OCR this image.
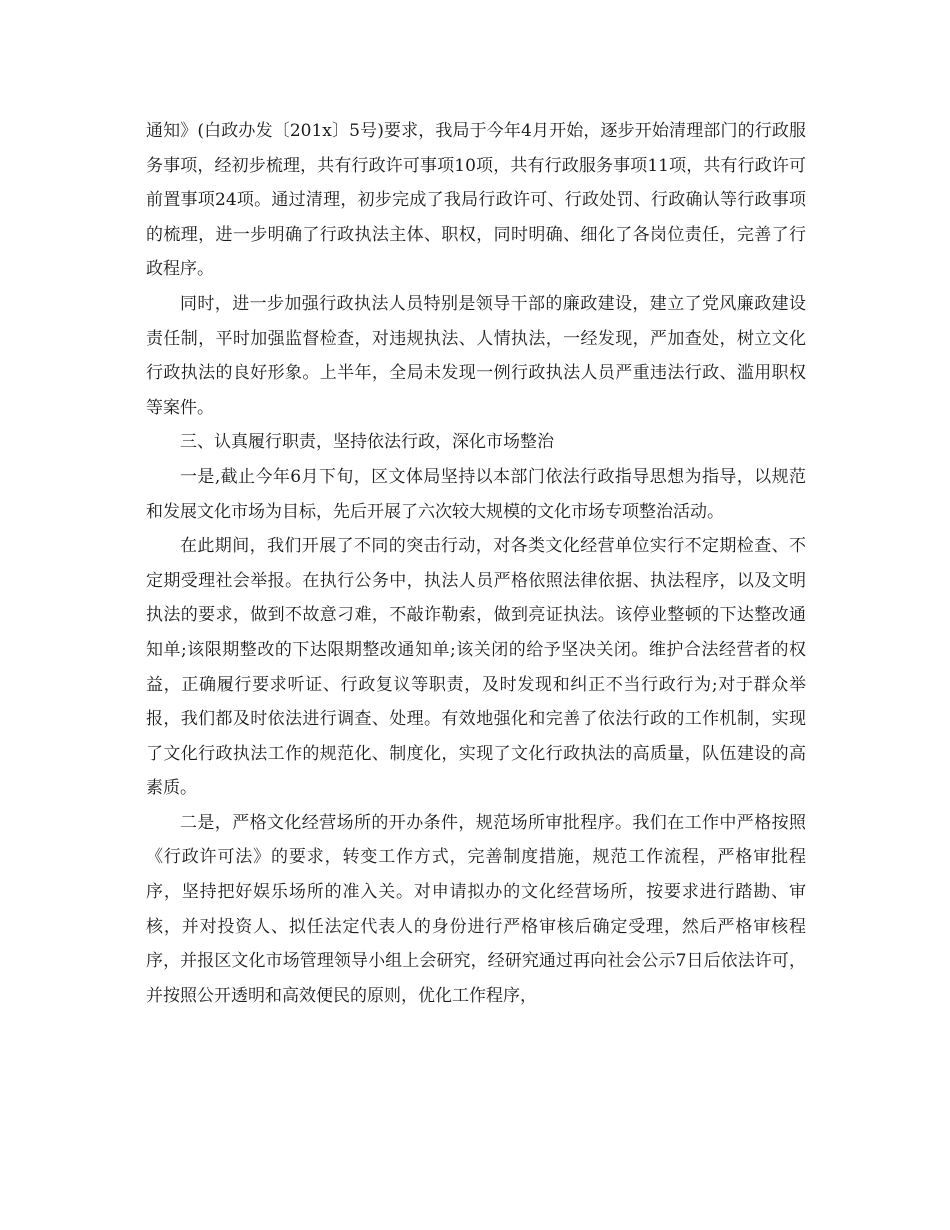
通知》(白政办发〔201x〕5号)要求，我局于今年4月开始，逐步开始清理部门的行政服务事项，经初步梳理，共有行政许可事项10项，共有行政服务事项11项，共有行政许可前置事项24项。通过清理，初步完成了我局行政许可、行政处罚、行政确认等行政事项的梳理，进一步明确了行政执法主体、职权，同时明确、细化了各岗位责任，完善了行政程序。

同时，进一步加强行政执法人员特别是领导干部的廉政建设，建立了党风廉政建设责任制，平时加强监督检查，对违规执法、人情执法，一经发现，严加查处，树立文化行政执法的良好形象。上半年，全局未发现一例行政执法人员严重违法行政、滥用职权等案件。

三、认真履行职责，坚持依法行政，深化市场整治

一是,截止今年6月下旬，区文体局坚持以本部门依法行政指导思想为指导，以规范和发展文化市场为目标，先后开展了六次较大规模的文化市场专项整治活动。

在此期间，我们开展了不同的突击行动，对各类文化经营单位实行不定期检查、不定期受理社会举报。在执行公务中，执法人员严格依照法律依据、执法程序，以及文明执法的要求，做到不故意刁难，不敲诈勒索，做到亮证执法。该停业整顿的下达整改通知单;该限期整改的下达限期整改通知单;该关闭的给予坚决关闭。维护合法经营者的权益，正确履行要求听证、行政复议等职责，及时发现和纠正不当行政行为;对于群众举报，我们都及时依法进行调查、处理。有效地强化和完善了依法行政的工作机制，实现了文化行政执法工作的规范化、制度化，实现了文化行政执法的高质量，队伍建设的高素质。

二是，严格文化经营场所的开办条件，规范场所审批程序。我们在工作中严格按照《行政许可法》的要求，转变工作方式，完善制度措施，规范工作流程，严格审批程序，坚持把好娱乐场所的准入关。对申请拟办的文化经营场所，按要求进行踏勘、审核，并对投资人、拟任法定代表人的身份进行严格审核后确定受理，然后严格审核程序，并报区文化市场管理领导小组上会研究，经研究通过再向社会公示7日后依法许可，并按照公开透明和高效便民的原则，优化工作程序，
